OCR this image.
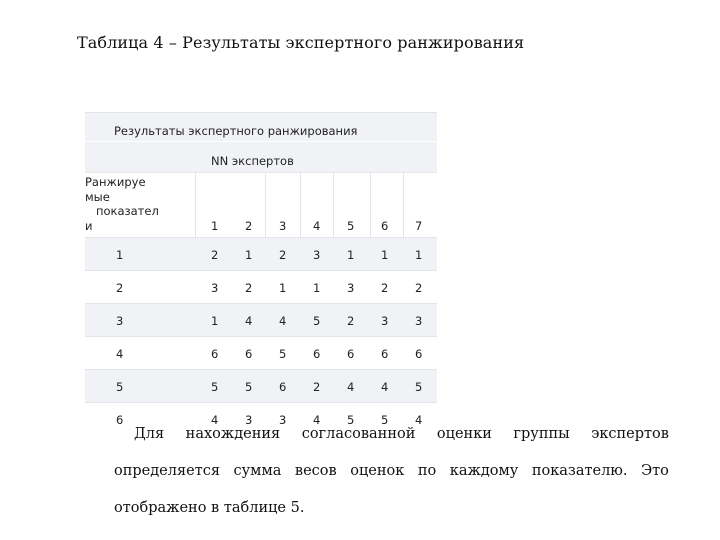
Таблица 4 – Результаты экспертного ранжирования
Результаты экспертного ранжирования
NN экспертов
Ранжируе
мые
показател
и	1 2 3 4 5 6 7
1	2 1 2 3 1 1 1
2	3 2 1 1 3 2 2
3	1 4 4 5 2 3 3
4	6 6 5 6 6 6 6
5	5 5 6 2 4 4 5
6	4 3 3 4 5 5 4
Для нахождения согласованной оценки группы экспертов
определяется сумма весов оценок по каждому показателю. Это
отображено в таблице 5.
